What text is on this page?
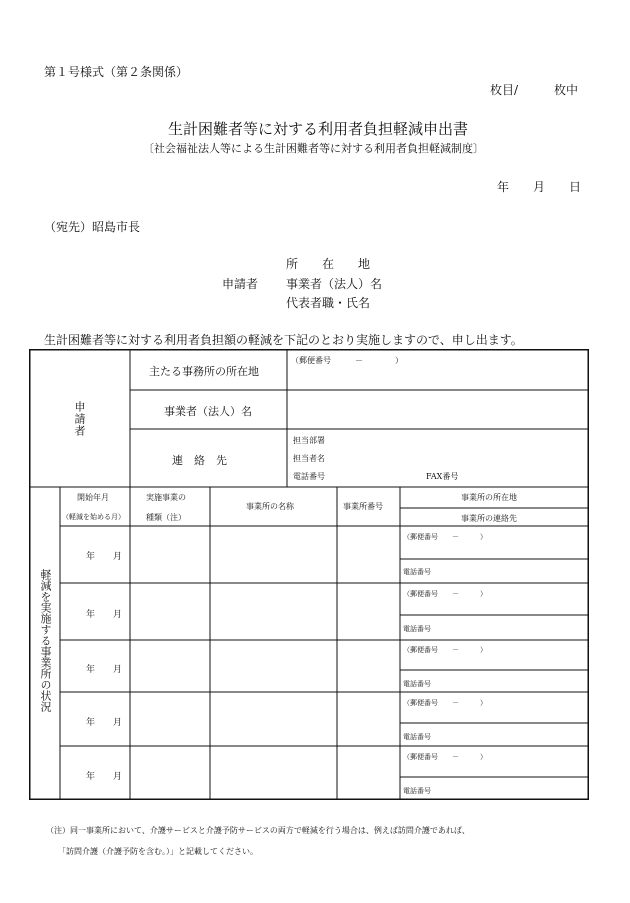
第１号様式（第２条関係）
枚目/　　　枚中
生計困難者等に対する利用者負担軽減申出書
〔社会福祉法人等による生計困難者等に対する利用者負担軽減制度〕
年　　月　　日
（宛先）昭島市長
所　　在　　地
申請者 事業者（法人）名
代表者職・氏名
生計困難者等に対する利用者負担額の軽減を下記のとおり実施しますので、申し出ます。
申請者
主たる事務所の所在地
（郵便番号　　　－　　　　）
事業者（法人）名
連　絡　先
担当部署
担当者名
電話番号	FAX番号
軽減を実施する事業所の状況
開始年月
（軽減を始める月）
実施事業の
種類（注）
事業所の名称	事業所番号
事業所の所在地
事業所の連絡先
年　　月
（郵便番号　　－　　　）
電話番号
年　　月
（郵便番号　　－　　　）
電話番号
年　　月
（郵便番号　　－　　　）
電話番号
年　　月
（郵便番号　　－　　　）
電話番号
年　　月
（郵便番号　　－　　　）
電話番号
（注）同一事業所において、介護サービスと介護予防サービスの両方で軽減を行う場合は、例えば訪問介護であれば、
「訪問介護（介護予防を含む。）」と記載してください。
